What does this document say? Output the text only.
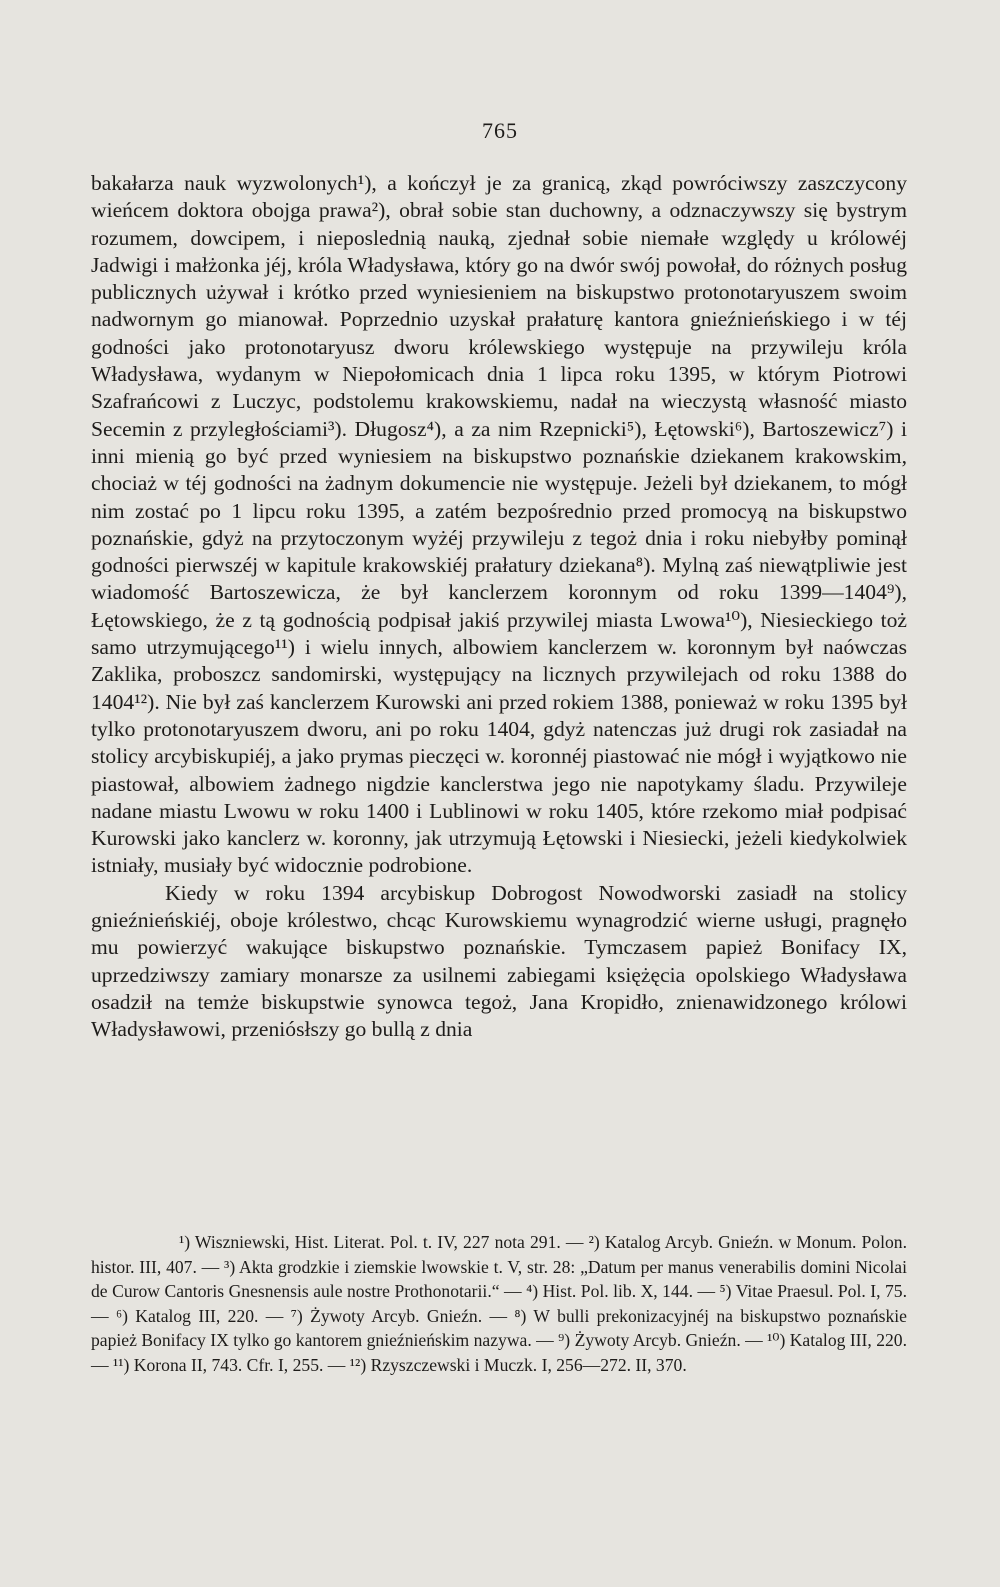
765

bakałarza nauk wyzwolonych¹), a kończył je za granicą, zkąd powróciwszy zaszczycony wieńcem doktora obojga prawa²), obrał sobie stan duchowny, a odznaczywszy się bystrym rozumem, dowcipem, i nieposlednią nauką, zjednał sobie niemałe względy u królowéj Jadwigi i małżonka jéj, króla Władysława, który go na dwór swój powołał, do różnych posług publicznych używał i krótko przed wyniesieniem na biskupstwo protonotaryuszem swoim nadwornym go mianował. Poprzednio uzyskał prałaturę kantora gnieźnieńskiego i w téj godności jako protonotaryusz dworu królewskiego występuje na przywileju króla Władysława, wydanym w Niepołomicach dnia 1 lipca roku 1395, w którym Piotrowi Szafrańcowi z Luczyc, podstolemu krakowskiemu, nadał na wieczystą własność miasto Secemin z przyległościami³). Długosz⁴), a za nim Rzepnicki⁵), Łętowski⁶), Bartoszewicz⁷) i inni mienią go być przed wyniesiem na biskupstwo poznańskie dziekanem krakowskim, chociaż w téj godności na żadnym dokumencie nie występuje. Jeżeli był dziekanem, to mógł nim zostać po 1 lipcu roku 1395, a zatém bezpośrednio przed promocyą na biskupstwo poznańskie, gdyż na przytoczonym wyżéj przywileju z tegoż dnia i roku niebyłby pominął godności pierwszéj w kapitule krakowskiéj prałatury dziekana⁸). Mylną zaś niewątpliwie jest wiadomość Bartoszewicza, że był kanclerzem koronnym od roku 1399—1404⁹), Łętowskiego, że z tą godnością podpisał jakiś przywilej miasta Lwowa¹⁰), Niesieckiego toż samo utrzymującego¹¹) i wielu innych, albowiem kanclerzem w. koronnym był naówczas Zaklika, proboszcz sandomirski, występujący na licznych przywilejach od roku 1388 do 1404¹²). Nie był zaś kanclerzem Kurowski ani przed rokiem 1388, ponieważ w roku 1395 był tylko protonotaryuszem dworu, ani po roku 1404, gdyż natenczas już drugi rok zasiadał na stolicy arcybiskupiéj, a jako prymas pieczęci w. koronnéj piastować nie mógł i wyjątkowo nie piastował, albowiem żadnego nigdzie kanclerstwa jego nie napotykamy śladu. Przywileje nadane miastu Lwowu w roku 1400 i Lublinowi w roku 1405, które rzekomo miał podpisać Kurowski jako kanclerz w. koronny, jak utrzymują Łętowski i Niesiecki, jeżeli kiedykolwiek istniały, musiały być widocznie podrobione.

Kiedy w roku 1394 arcybiskup Dobrogost Nowodworski zasiadł na stolicy gnieźnieńskiéj, oboje królestwo, chcąc Kurowskiemu wynagrodzić wierne usługi, pragnęło mu powierzyć wakujące biskupstwo poznańskie. Tymczasem papież Bonifacy IX, uprzedziwszy zamiary monarsze za usilnemi zabiegami księżęcia opolskiego Władysława osadził na temże biskupstwie synowca tegoż, Jana Kropidło, znienawidzonego królowi Władysławowi, przeniósłszy go bullą z dnia

¹) Wiszniewski, Hist. Literat. Pol. t. IV, 227 nota 291. — ²) Katalog Arcyb. Gnieźn. w Monum. Polon. histor. III, 407. — ³) Akta grodzkie i ziemskie lwowskie t. V, str. 28: „Datum per manus venerabilis domini Nicolai de Curow Cantoris Gnesnensis aule nostre Prothonotarii.“ — ⁴) Hist. Pol. lib. X, 144. — ⁵) Vitae Praesul. Pol. I, 75. — ⁶) Katalog III, 220. — ⁷) Żywoty Arcyb. Gnieźn. — ⁸) W bulli prekonizacyjnéj na biskupstwo poznańskie papież Bonifacy IX tylko go kantorem gnieźnieńskim nazywa. — ⁹) Żywoty Arcyb. Gnieźn. — ¹⁰) Katalog III, 220. — ¹¹) Korona II, 743. Cfr. I, 255. — ¹²) Rzyszczewski i Muczk. I, 256—272. II, 370.
